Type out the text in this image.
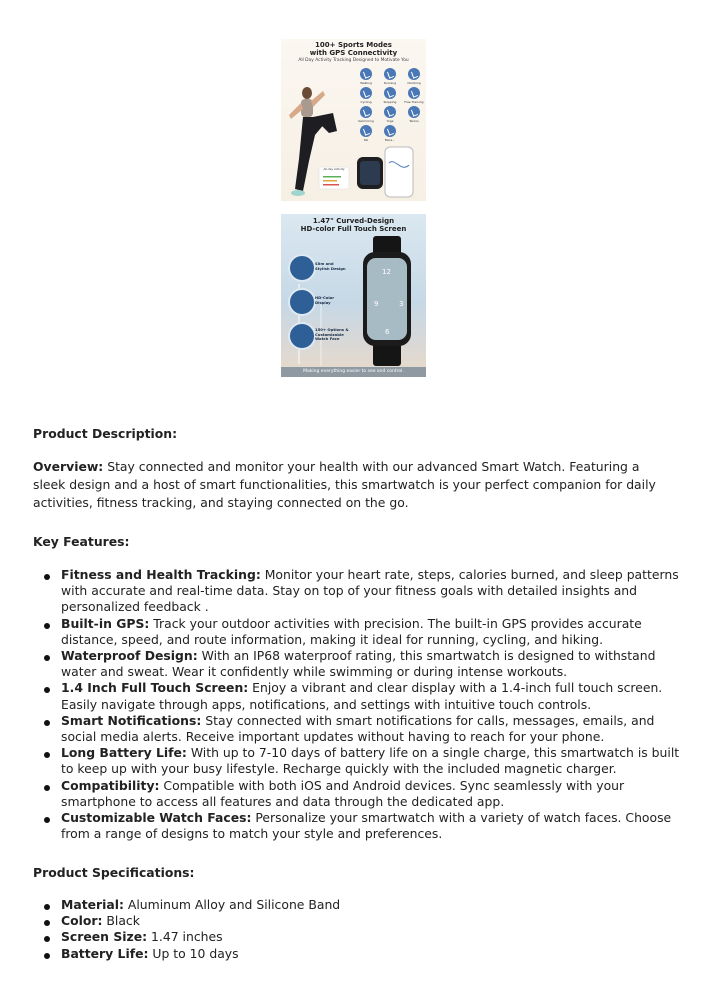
100+ Sports Modes
with GPS Connectivity
All Day Activity Tracking Designed to Motivate You
All-day Activity
Walking	Running	Climbing
Cycling	Skipping	Free Training
Swimming	Yoga	Tennis
Ski	More...
1.47" Curved-Design
HD-color Full Touch Screen
9	3
6
12
Slim and Stylish Design
HD-Color Display
150+ Options & Customizable Watch Face
Making everything easier to see and control.
Product Description:
Overview: Stay connected and monitor your health with our advanced Smart Watch. Featuring a sleek design and a host of smart functionalities, this smartwatch is your perfect companion for daily activities, fitness tracking, and staying connected on the go.
Key Features:
Fitness and Health Tracking: Monitor your heart rate, steps, calories burned, and sleep patterns with accurate and real-time data. Stay on top of your fitness goals with detailed insights and personalized feedback .
Built-in GPS: Track your outdoor activities with precision. The built-in GPS provides accurate distance, speed, and route information, making it ideal for running, cycling, and hiking.
Waterproof Design: With an IP68 waterproof rating, this smartwatch is designed to withstand water and sweat. Wear it confidently while swimming or during intense workouts.
1.4 Inch Full Touch Screen: Enjoy a vibrant and clear display with a 1.4-inch full touch screen. Easily navigate through apps, notifications, and settings with intuitive touch controls.
Smart Notifications: Stay connected with smart notifications for calls, messages, emails, and social media alerts. Receive important updates without having to reach for your phone.
Long Battery Life: With up to 7-10 days of battery life on a single charge, this smartwatch is built to keep up with your busy lifestyle. Recharge quickly with the included magnetic charger.
Compatibility: Compatible with both iOS and Android devices. Sync seamlessly with your smartphone to access all features and data through the dedicated app.
Customizable Watch Faces: Personalize your smartwatch with a variety of watch faces. Choose from a range of designs to match your style and preferences.
Product Specifications:
Material: Aluminum Alloy and Silicone Band
Color: Black
Screen Size: 1.47 inches
Battery Life: Up to 10 days
